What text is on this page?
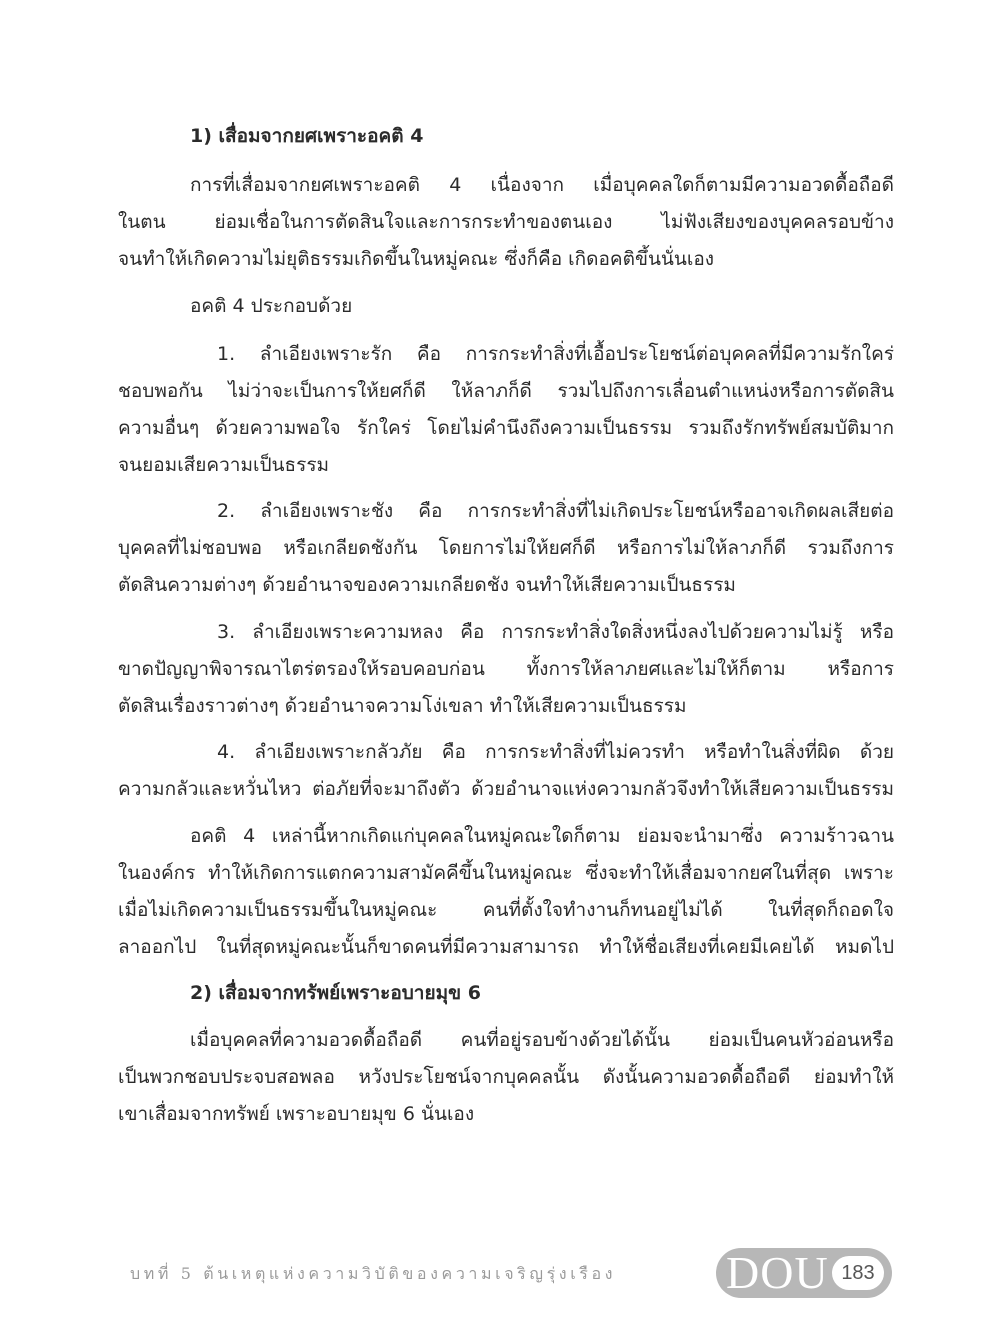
1) เสื่อมจากยศเพราะอคติ 4
การที่เสื่อมจากยศเพราะอคติ 4 เนื่องจาก เมื่อบุคคลใดก็ตามมีความอวดดื้อถือดี
ในตน ย่อมเชื่อในการตัดสินใจและการกระทำของตนเอง ไม่ฟังเสียงของบุคคลรอบข้าง
จนทำให้เกิดความไม่ยุติธรรมเกิดขึ้นในหมู่คณะ ซึ่งก็คือ เกิดอคติขึ้นนั่นเอง
อคติ 4 ประกอบด้วย
1. ลำเอียงเพราะรัก คือ การกระทำสิ่งที่เอื้อประโยชน์ต่อบุคคลที่มีความรักใคร่
ชอบพอกัน ไม่ว่าจะเป็นการให้ยศก็ดี ให้ลาภก็ดี รวมไปถึงการเลื่อนตำแหน่งหรือการตัดสิน
ความอื่นๆ ด้วยความพอใจ รักใคร่ โดยไม่คำนึงถึงความเป็นธรรม รวมถึงรักทรัพย์สมบัติมาก
จนยอมเสียความเป็นธรรม
2. ลำเอียงเพราะชัง คือ การกระทำสิ่งที่ไม่เกิดประโยชน์หรืออาจเกิดผลเสียต่อ
บุคคลที่ไม่ชอบพอ หรือเกลียดชังกัน โดยการไม่ให้ยศก็ดี หรือการไม่ให้ลาภก็ดี รวมถึงการ
ตัดสินความต่างๆ ด้วยอำนาจของความเกลียดชัง จนทำให้เสียความเป็นธรรม
3. ลำเอียงเพราะความหลง คือ การกระทำสิ่งใดสิ่งหนึ่งลงไปด้วยความไม่รู้ หรือ
ขาดปัญญาพิจารณาไตร่ตรองให้รอบคอบก่อน ทั้งการให้ลาภยศและไม่ให้ก็ตาม หรือการ
ตัดสินเรื่องราวต่างๆ ด้วยอำนาจความโง่เขลา ทำให้เสียความเป็นธรรม
4. ลำเอียงเพราะกลัวภัย คือ การกระทำสิ่งที่ไม่ควรทำ หรือทำในสิ่งที่ผิด ด้วย
ความกลัวและหวั่นไหว ต่อภัยที่จะมาถึงตัว ด้วยอำนาจแห่งความกลัวจึงทำให้เสียความเป็นธรรม
อคติ 4 เหล่านี้หากเกิดแก่บุคคลในหมู่คณะใดก็ตาม ย่อมจะนำมาซึ่ง ความร้าวฉาน
ในองค์กร ทำให้เกิดการแตกความสามัคคีขึ้นในหมู่คณะ ซึ่งจะทำให้เสื่อมจากยศในที่สุด เพราะ
เมื่อไม่เกิดความเป็นธรรมขึ้นในหมู่คณะ คนที่ตั้งใจทำงานก็ทนอยู่ไม่ได้ ในที่สุดก็ถอดใจ
ลาออกไป ในที่สุดหมู่คณะนั้นก็ขาดคนที่มีความสามารถ ทำให้ชื่อเสียงที่เคยมีเคยได้ หมดไป
2) เสื่อมจากทรัพย์เพราะอบายมุข 6
เมื่อบุคคลที่ความอวดดื้อถือดี คนที่อยู่รอบข้างด้วยได้นั้น ย่อมเป็นคนหัวอ่อนหรือ
เป็นพวกชอบประจบสอพลอ หวังประโยชน์จากบุคคลนั้น ดังนั้นความอวดดื้อถือดี ย่อมทำให้
เขาเสื่อมจากทรัพย์ เพราะอบายมุข 6 นั่นเอง
บทที่ 5 ต้นเหตุแห่งความวิบัติของความเจริญรุ่งเรือง DOU 183
